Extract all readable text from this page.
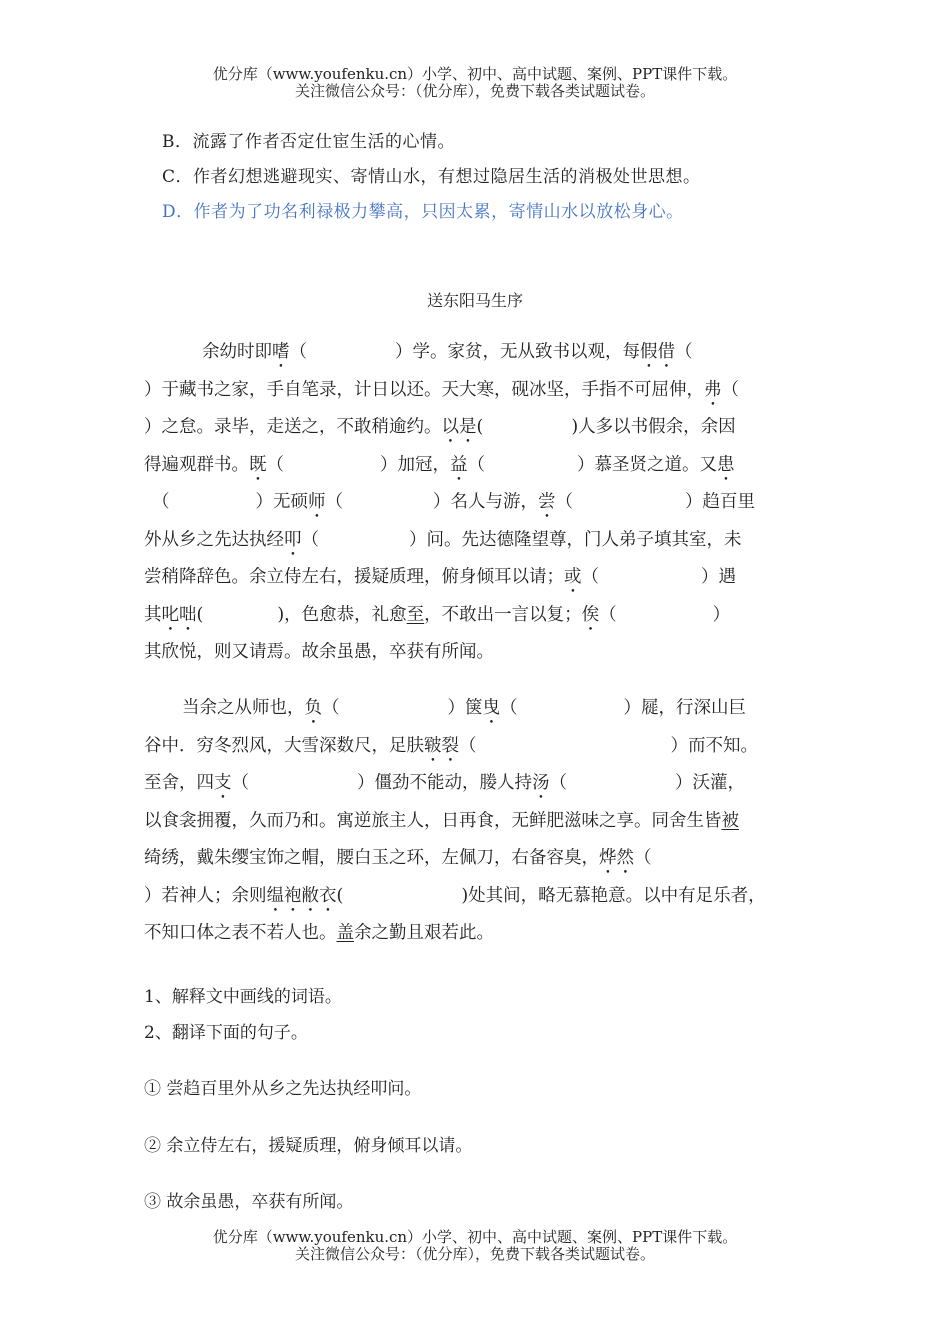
优分库（www.youfenku.cn）小学、初中、高中试题、案例、PPT课件下载。
关注微信公众号：（优分库），免费下载各类试题试卷。
B．流露了作者否定仕宦生活的心情。
C．作者幻想逃避现实、寄情山水，有想过隐居生活的消极处世思想。
D．作者为了功名利禄极力攀高，只因太累，寄情山水以放松身心。
送东阳马生序
余幼时即嗜（	）学。家贫，无从致书以观，每假借（
）于藏书之家，手自笔录，计日以还。天大寒，砚冰坚，手指不可屈伸，弗（
）之怠。录毕，走送之，不敢稍逾约。以是(	)人多以书假余，余因
得遍观群书。既（	）加冠，益（	）慕圣贤之道。又患
（	）无硕师（	）名人与游，尝（	）趋百里
外从乡之先达执经叩（	）问。先达德隆望尊，门人弟子填其室，未
尝稍降辞色。余立侍左右，援疑质理，俯身倾耳以请；或（	）遇
其叱咄(	)，色愈恭，礼愈至，不敢出一言以复；俟（	）
其欣悦，则又请焉。故余虽愚，卒获有所闻。
当余之从师也，负（	）箧曳（	）屣，行深山巨
谷中．穷冬烈风，大雪深数尺，足肤皲裂（	）而不知。
至舍，四支（	）僵劲不能动，媵人持汤（	）沃灌，
以食衾拥覆，久而乃和。寓逆旅主人，日再食，无鲜肥滋味之享。同舍生皆被
绮绣，戴朱缨宝饰之帽，腰白玉之环，左佩刀，右备容臭，烨然（
）若神人；余则缊袍敝衣(	)处其间，略无慕艳意。以中有足乐者，
不知口体之表不若人也。盖余之勤且艰若此。
1、解释文中画线的词语。
2、翻译下面的句子。
① 尝趋百里外从乡之先达执经叩问。
② 余立侍左右，援疑质理，俯身倾耳以请。
③ 故余虽愚，卒获有所闻。
优分库（www.youfenku.cn）小学、初中、高中试题、案例、PPT课件下载。
关注微信公众号：（优分库），免费下载各类试题试卷。
